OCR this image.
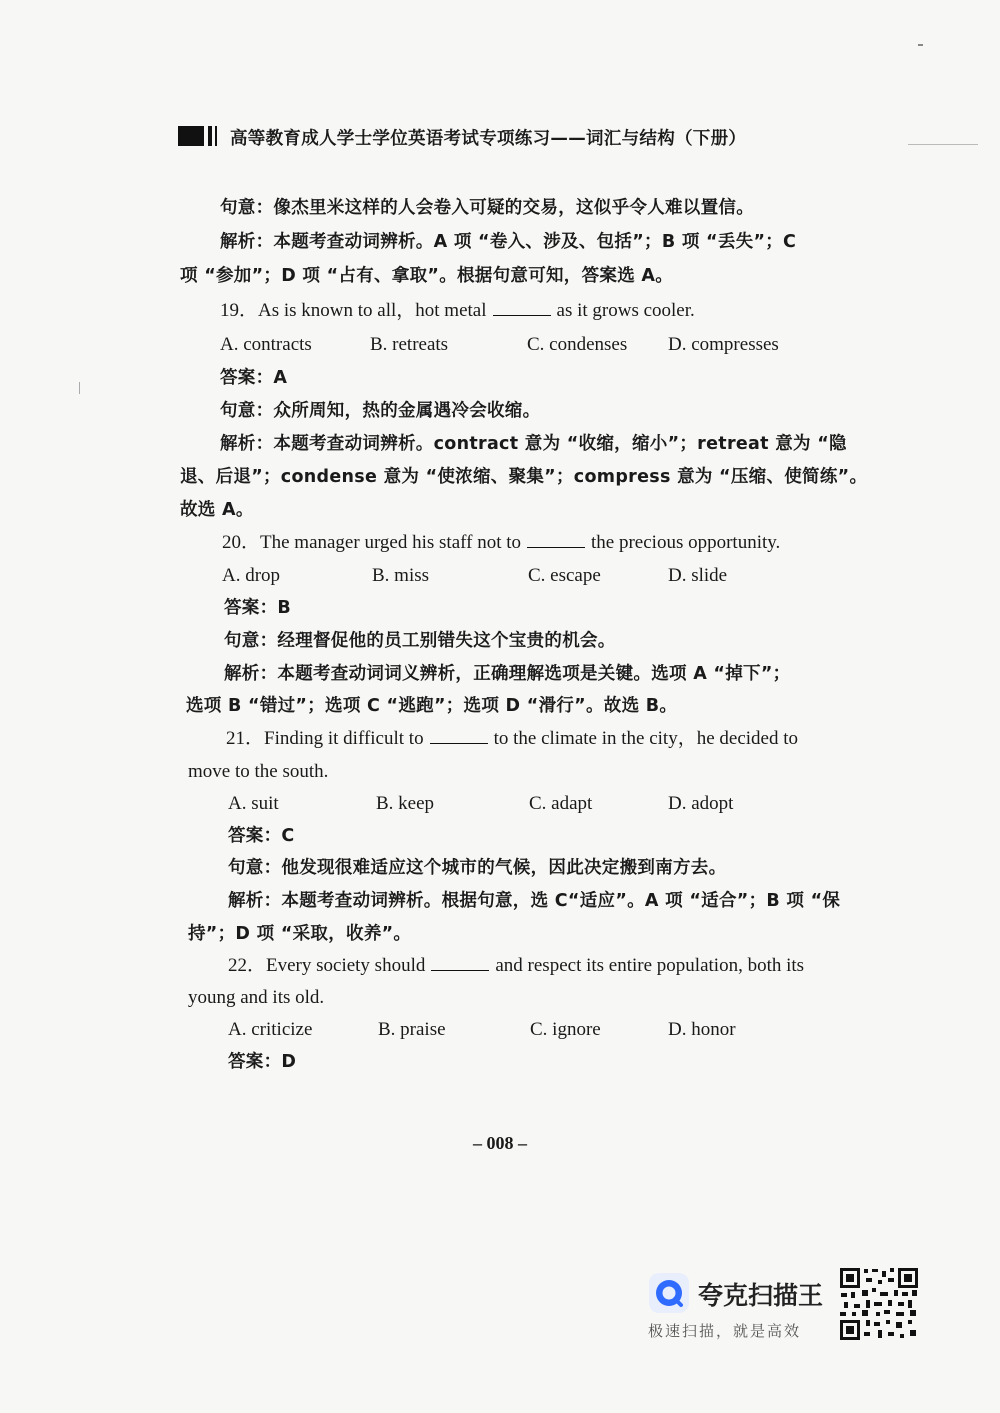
高等教育成人学士学位英语考试专项练习——词汇与结构（下册）
句意：像杰里米这样的人会卷入可疑的交易，这似乎令人难以置信。
解析：本题考查动词辨析。A 项 “卷入、涉及、包括”；B 项 “丢失”；C
项 “参加”；D 项 “占有、拿取”。根据句意可知，答案选 A。
19．As is known to all，hot metal	as it grows cooler.
A. contracts	B. retreats	C. condenses D. compresses
答案：A
句意：众所周知，热的金属遇冷会收缩。
解析：本题考查动词辨析。contract 意为 “收缩，缩小”；retreat 意为 “隐
退、后退”；condense 意为 “使浓缩、聚集”；compress 意为 “压缩、使简练”。
故选 A。
20．The manager urged his staff not to	the precious opportunity.
A. drop	B. miss	C. escape	D. slide
答案：B
句意：经理督促他的员工别错失这个宝贵的机会。
解析：本题考查动词词义辨析，正确理解选项是关键。选项 A “掉下”；
选项 B “错过”；选项 C “逃跑”；选项 D “滑行”。故选 B。
21．Finding it difficult to	to the climate in the city，he decided to
move to the south.
A. suit	B. keep	C. adapt	D. adopt
答案：C
句意：他发现很难适应这个城市的气候，因此决定搬到南方去。
解析：本题考查动词辨析。根据句意，选 C“适应”。A 项 “适合”；B 项 “保
持”；D 项 “采取，收养”。
22．Every society should	and respect its entire population, both its
young and its old.
A. criticize	B. praise	C. ignore	D. honor
答案：D
– 008 –
夸克扫描王
极速扫描，就是高效
